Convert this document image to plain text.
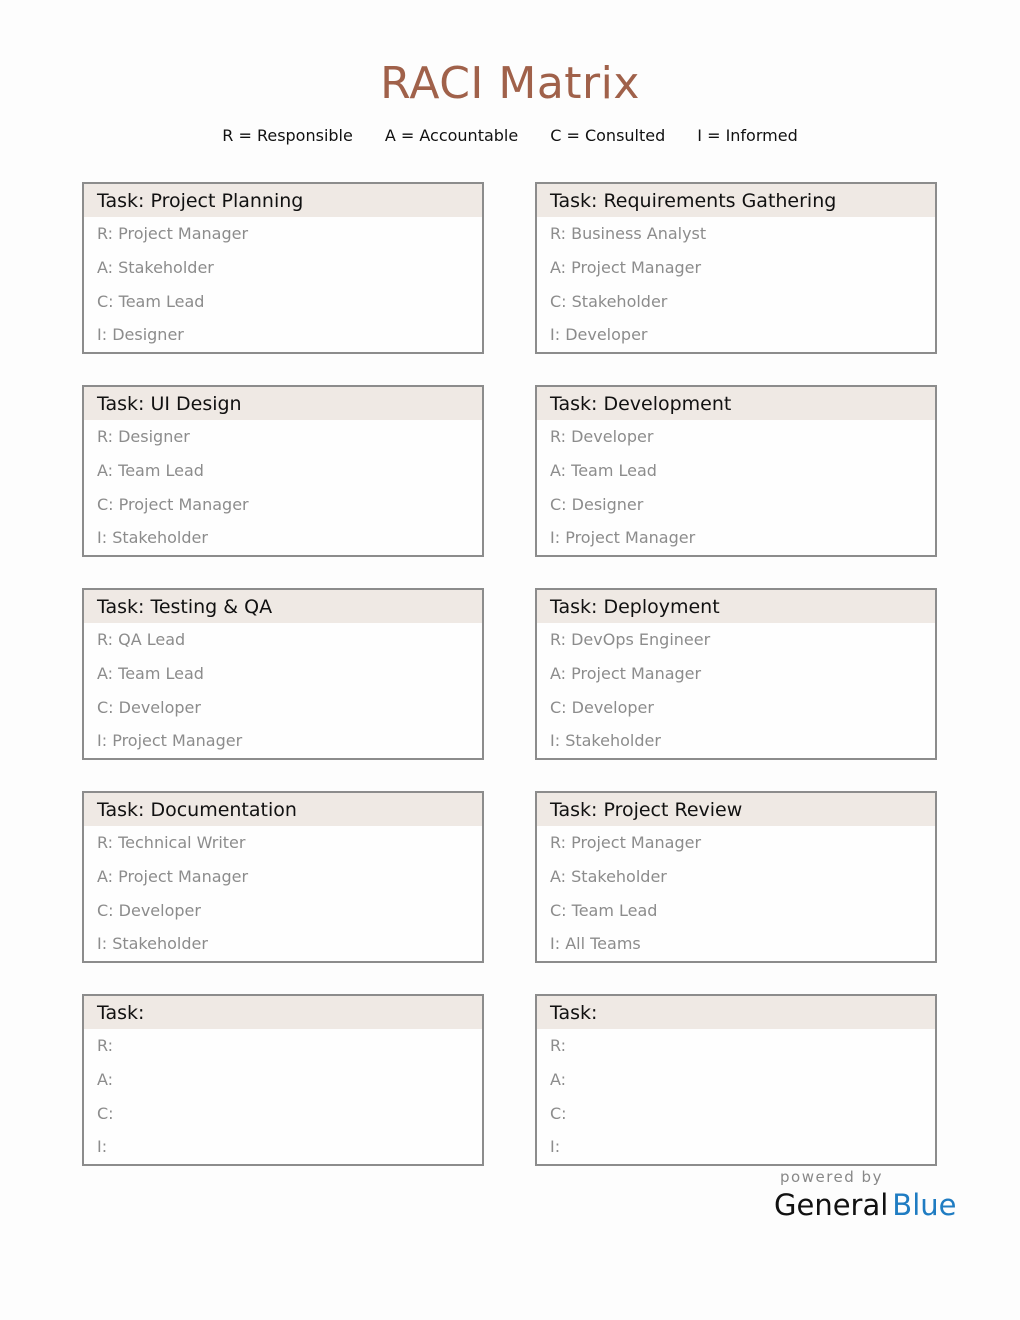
RACI Matrix
R = Responsible A = Accountable C = Consulted I = Informed
Task: Project Planning
R: Project Manager
A: Stakeholder
C: Team Lead
I: Designer
Task: Requirements Gathering
R: Business Analyst
A: Project Manager
C: Stakeholder
I: Developer
Task: UI Design
R: Designer
A: Team Lead
C: Project Manager
I: Stakeholder
Task: Development
R: Developer
A: Team Lead
C: Designer
I: Project Manager
Task: Testing & QA
R: QA Lead
A: Team Lead
C: Developer
I: Project Manager
Task: Deployment
R: DevOps Engineer
A: Project Manager
C: Developer
I: Stakeholder
Task: Documentation
R: Technical Writer
A: Project Manager
C: Developer
I: Stakeholder
Task: Project Review
R: Project Manager
A: Stakeholder
C: Team Lead
I: All Teams
Task:
R:
A:
C:
I:
Task:
R:
A:
C:
I:
powered by
General Blue
